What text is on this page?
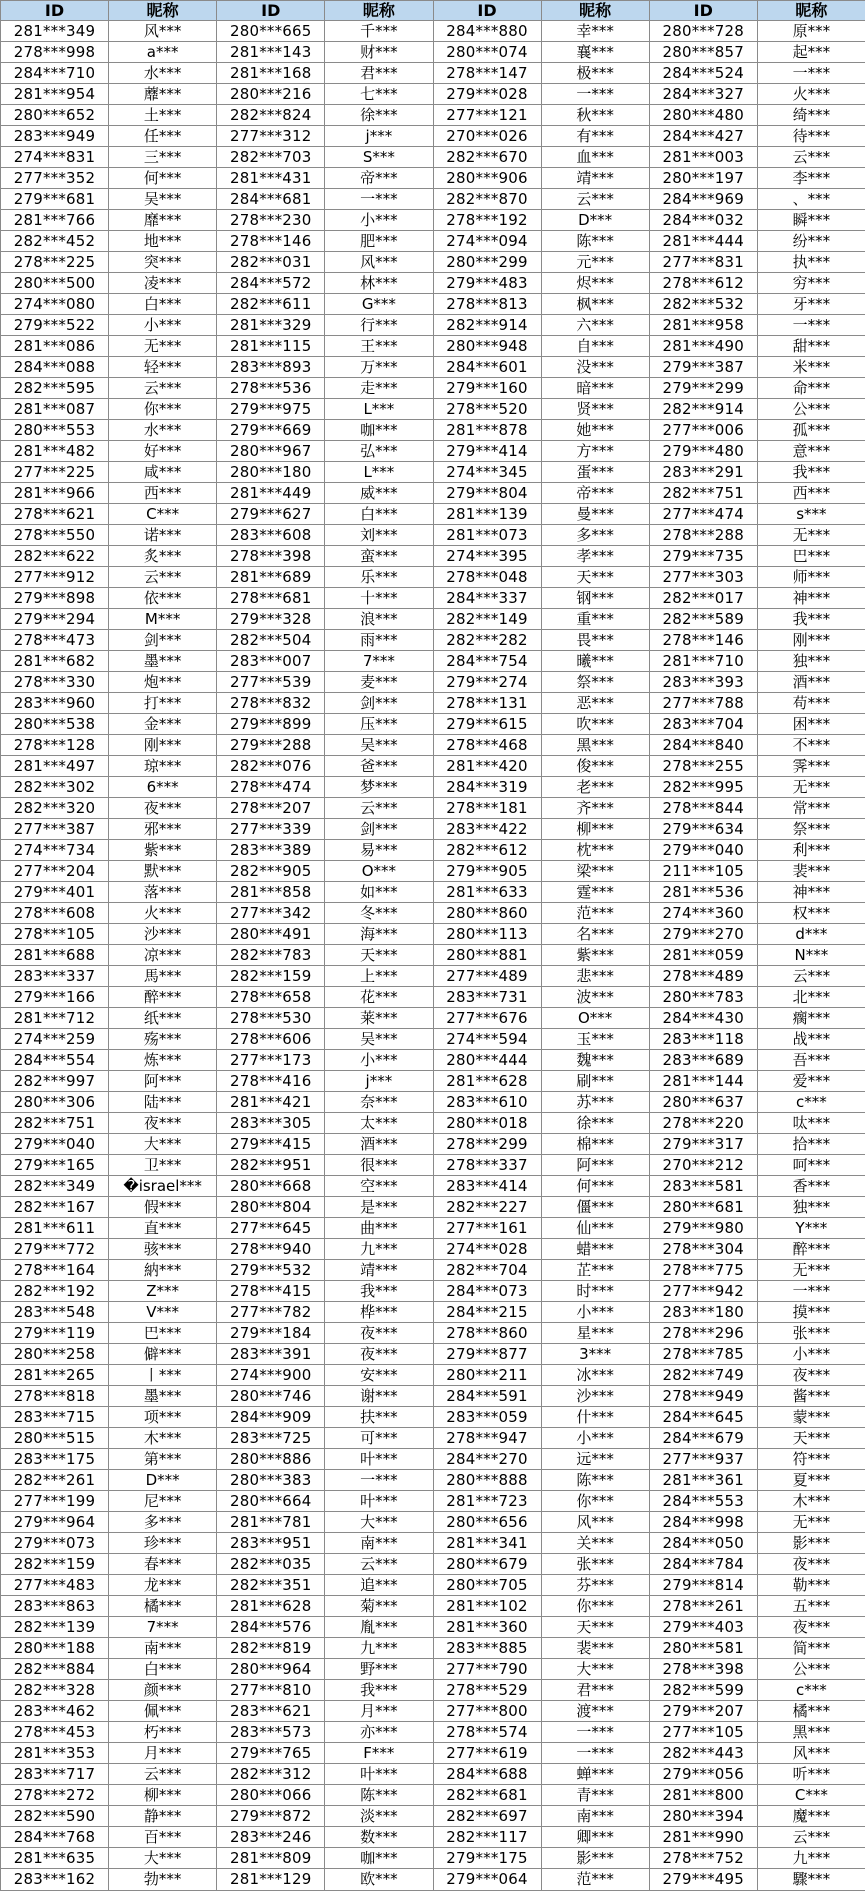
ID	昵称	ID	昵称	ID	昵称	ID	昵称
281***349	风***	280***665	千***	284***880	幸***	280***728	原***
278***998	a***	281***143	财***	280***074	襄***	280***857	起***
284***710	水***	281***168	君***	278***147	极***	284***524	一***
281***954	蘼***	280***216	七***	279***028	一***	284***327	火***
280***652	土***	282***824	徐***	277***121	秋***	280***480	绮***
283***949	任***	277***312	j***	270***026	有***	284***427	待***
274***831	三***	282***703	S***	282***670	血***	281***003	云***
277***352	何***	281***431	帝***	280***906	靖***	280***197	李***
279***681	吴***	284***681	一***	282***870	云***	284***969	、***
281***766	靡***	278***230	小***	278***192	D***	284***032	瞬***
282***452	地***	278***146	肥***	274***094	陈***	281***444	纷***
278***225	突***	282***031	风***	280***299	元***	277***831	执***
280***500	凌***	284***572	林***	279***483	烬***	278***612	穷***
274***080	白***	282***611	G***	278***813	枫***	282***532	牙***
279***522	小***	281***329	行***	282***914	六***	281***958	一***
281***086	无***	281***115	王***	280***948	自***	281***490	甜***
284***088	轻***	283***893	万***	284***601	没***	279***387	米***
282***595	云***	278***536	走***	279***160	暗***	279***299	命***
281***087	你***	279***975	L***	278***520	贤***	282***914	公***
280***553	水***	279***669	咖***	281***878	她***	277***006	孤***
281***482	好***	280***967	弘***	279***414	方***	279***480	意***
277***225	咸***	280***180	L***	274***345	蛋***	283***291	我***
281***966	西***	281***449	威***	279***804	帝***	282***751	西***
278***621	C***	279***627	白***	281***139	曼***	277***474	s***
278***550	诺***	283***608	刘***	281***073	多***	278***288	无***
282***622	炙***	278***398	蛮***	274***395	孝***	279***735	巴***
277***912	云***	281***689	乐***	278***048	天***	277***303	师***
279***898	依***	278***681	十***	284***337	钢***	282***017	神***
279***294	M***	279***328	浪***	282***149	重***	282***589	我***
278***473	剑***	282***504	雨***	282***282	畏***	278***146	刚***
281***682	墨***	283***007	7***	284***754	曦***	281***710	独***
278***330	炮***	277***539	麦***	279***274	祭***	283***393	酒***
283***960	打***	278***832	剑***	278***131	恶***	277***788	苟***
280***538	金***	279***899	压***	279***615	吹***	283***704	困***
278***128	刚***	279***288	吴***	278***468	黑***	284***840	不***
281***497	琼***	282***076	爸***	281***420	俊***	278***255	霁***
282***302	6***	278***474	梦***	284***319	老***	282***995	无***
282***320	夜***	278***207	云***	278***181	齐***	278***844	常***
277***387	邪***	277***339	剑***	283***422	柳***	279***634	祭***
274***734	紫***	283***389	易***	282***612	枕***	279***040	利***
277***204	默***	282***905	O***	279***905	梁***	211***105	裴***
279***401	落***	281***858	如***	281***633	霆***	281***536	神***
278***608	火***	277***342	冬***	280***860	范***	274***360	权***
278***105	沙***	280***491	海***	280***113	名***	279***270	d***
281***688	凉***	282***783	天***	280***881	紫***	281***059	N***
283***337	馬***	282***159	上***	277***489	悲***	278***489	云***
279***166	醉***	278***658	花***	283***731	波***	280***783	北***
281***712	纸***	278***530	莱***	277***676	O***	284***430	瘸***
274***259	殇***	278***606	吴***	274***594	玉***	283***118	战***
284***554	炼***	277***173	小***	280***444	魏***	283***689	吾***
282***997	阿***	278***416	j***	281***628	刷***	281***144	爱***
280***306	陆***	281***421	奈***	283***610	苏***	280***637	c***
282***751	夜***	283***305	太***	280***018	徐***	278***220	呔***
279***040	大***	279***415	酒***	278***299	棉***	279***317	拾***
279***165	卫***	282***951	很***	278***337	阿***	270***212	呵***
282***349	�israel***	280***668	空***	283***414	何***	283***581	香***
282***167	假***	280***804	是***	282***227	僵***	280***681	独***
281***611	直***	277***645	曲***	277***161	仙***	279***980	Y***
279***772	骇***	278***940	九***	274***028	蜡***	278***304	醉***
278***164	納***	279***532	靖***	282***704	芷***	278***775	无***
282***192	Z***	278***415	我***	284***073	时***	277***942	一***
283***548	V***	277***782	桦***	284***215	小***	283***180	摸***
279***119	巴***	279***184	夜***	278***860	星***	278***296	张***
280***258	僻***	283***391	夜***	279***877	3***	278***785	小***
281***265	丨***	274***900	安***	280***211	冰***	282***749	夜***
278***818	墨***	280***746	谢***	284***591	沙***	278***949	酱***
283***715	项***	284***909	扶***	283***059	什***	284***645	蒙***
280***515	木***	283***725	可***	278***947	小***	284***679	天***
283***175	第***	280***886	叶***	284***270	远***	277***937	符***
282***261	D***	280***383	一***	280***888	陈***	281***361	夏***
277***199	尼***	280***664	叶***	281***723	你***	284***553	木***
279***964	多***	281***781	大***	280***656	风***	284***998	无***
279***073	珍***	283***951	南***	281***341	关***	284***050	影***
282***159	春***	282***035	云***	280***679	张***	284***784	夜***
277***483	龙***	282***351	追***	280***705	芬***	279***814	勒***
283***863	橘***	281***628	菊***	281***102	你***	278***261	五***
282***139	7***	284***576	胤***	281***360	天***	279***403	夜***
280***188	南***	282***819	九***	283***885	裴***	280***581	简***
282***884	白***	280***964	野***	277***790	大***	278***398	公***
282***328	颜***	277***810	我***	278***529	君***	282***599	c***
283***462	佩***	283***621	月***	277***800	渡***	279***207	橘***
278***453	朽***	283***573	亦***	278***574	一***	277***105	黑***
281***353	月***	279***765	F***	277***619	一***	282***443	风***
283***717	云***	282***312	叶***	284***688	蝉***	279***056	听***
278***272	柳***	280***066	陈***	282***681	青***	281***800	C***
282***590	静***	279***872	淡***	282***697	南***	280***394	魔***
284***768	百***	283***246	数***	282***117	卿***	281***990	云***
281***635	大***	281***809	咖***	279***175	影***	278***752	九***
283***162	勃***	281***129	欧***	279***064	范***	279***495	驟***
